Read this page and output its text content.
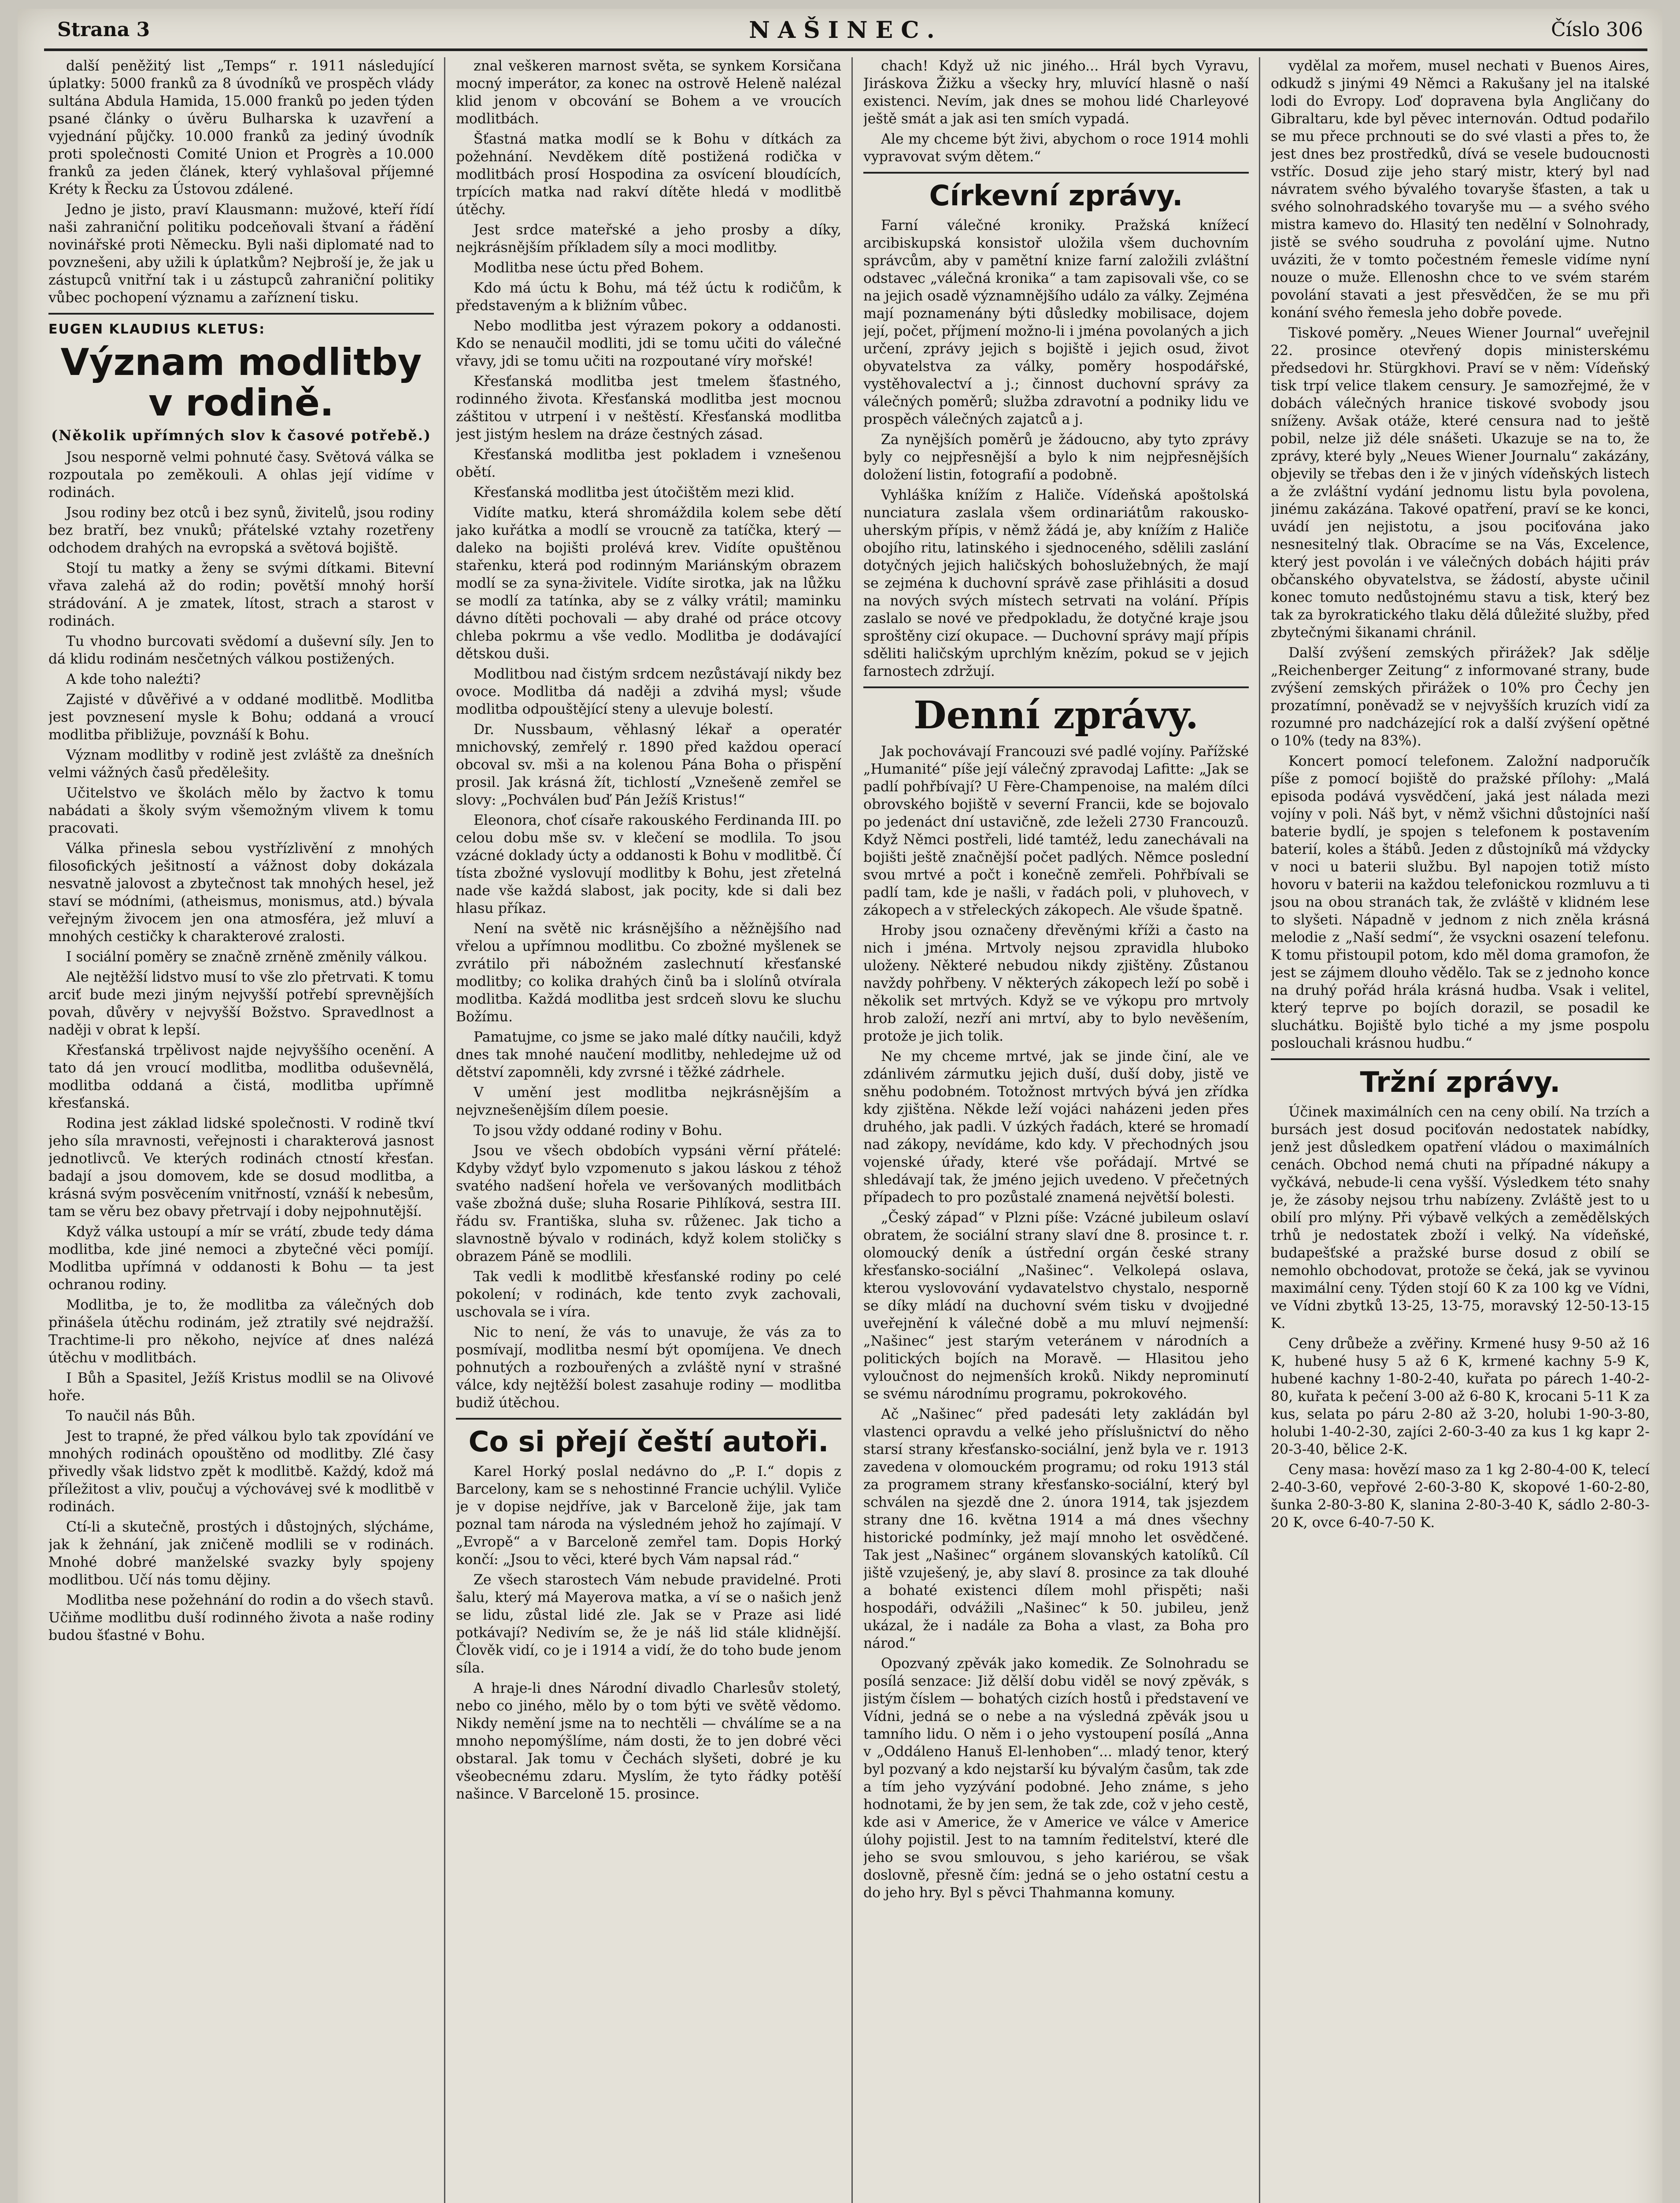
Strana 3	NAŠINEC.	Číslo 306

další peněžitý list „Temps“ r. 1911 následující úplatky: 5000 franků za 8 úvodníků ve prospěch vlády sultána Abdula Hamida, 15.000 franků po jeden týden psané články o úvěru Bulharska k uzavření a vyjednání půjčky. 10.000 franků za jediný úvodník proti společnosti Comité Union et Progrès a 10.000 franků za jeden článek, který vyhlašoval příjemné Kréty k Řecku za Ústovou zdálené.

Jedno je jisto, praví Klausmann: mužové, kteří řídí naši zahraniční politiku podceňovali štvaní a řádění novinářské proti Německu. Byli naši diplomaté nad to povznešeni, aby užili k úplatkům? Nejbroší je, že jak u zástupců vnitřní tak i u zástupců zahraniční politiky vůbec pochopení významu a zaříznení tisku.

EUGEN KLAUDIUS KLETUS:
Význam modlitby v rodině.
(Několik upřímných slov k časové potřebě.)

Jsou nesporně velmi pohnuté časy. Světová válka se rozpoutala po zeměkouli. A ohlas její vidíme v rodinách.

Jsou rodiny bez otců i bez synů, živitelů, jsou rodiny bez bratří, bez vnuků; přátelské vztahy rozetřeny odchodem drahých na evropská a světová bojiště.

Stojí tu matky a ženy se svými dítkami. Bitevní vřava zalehá až do rodin; povětší mnohý horší strádování. A je zmatek, lítost, strach a starost v rodinách.

Tu vhodno burcovati svědomí a duševní síly. Jen to dá klidu rodinám nesčetných válkou postižených.

A kde toho naleźti?

Zajisté v důvěřivé a v oddané modlitbě. Modlitba jest povznesení mysle k Bohu; oddaná a vroucí modlitba přibližuje, povznáší k Bohu.

Význam modlitby v rodině jest zvláště za dnešních velmi vážných časů předělešity.

Učitelstvo ve školách mělo by žactvo k tomu nabádati a školy svým všemožným vlivem k tomu pracovati.

Válka přinesla sebou vystřízlivění z mnohých filosofických ješitností a vážnost doby dokázala nesvatně jalovost a zbytečnost tak mnohých hesel, jež staví se módními, (atheismus, monismus, atd.) bývala veřejným živocem jen ona atmosféra, jež mluví a mnohých cestičky k charakterové zralosti.

I sociální poměry se značně zrněně změnily válkou.

Ale nejtěžší lidstvo musí to vše zlo přetrvati. K tomu arciť bude mezi jiným nejvyšší potřebí sprevnějších povah, důvěry v nejvyšší Božstvo. Spravedlnost a naději v obrat k lepší.

Křesťanská trpělivost najde nejvyššího ocenění. A tato dá jen vroucí modlitba, modlitba oduševnělá, modlitba oddaná a čistá, modlitba upřímně křesťanská.

Rodina jest základ lidské společnosti. V rodině tkví jeho síla mravnosti, veřejnosti i charakterová jasnost jednotlivců. Ve kterých rodinách ctností křesťan. badají a jsou domovem, kde se dosud modlitba, a krásná svým posvěcením vnitřností, vznáší k nebesům, tam se věru bez obavy přetrvají i doby nejpohnutější.

Když válka ustoupí a mír se vrátí, zbude tedy dáma modlitba, kde jiné nemoci a zbytečné věci pomíjí. Modlitba upřímná v oddanosti k Bohu — ta jest ochranou rodiny.

Modlitba, je to, že modlitba za válečných dob přinášela útěchu rodinám, jež ztratily své nejdražší. Trachtime-li pro někoho, nejvíce ať dnes nalézá útěchu v modlitbách.

I Bůh a Spasitel, Ježíš Kristus modlil se na Olivové hoře.

To naučil nás Bůh.

Jest to trapné, že před válkou bylo tak zpovídání ve mnohých rodinách opouštěno od modlitby. Zlé časy přivedly však lidstvo zpět k modlitbě. Každý, kdož má příležitost a vliv, poučuj a výchovávej své k modlitbě v rodinách.

Ctí-li a skutečně, prostých i důstojných, slýcháme, jak k žehnání, jak zničeně modlili se v rodinách. Mnohé dobré manželské svazky byly spojeny modlitbou. Učí nás tomu dějiny.

Modlitba nese požehnání do rodin a do všech stavů. Učiňme modlitbu duší rodinného života a naše rodiny budou šťastné v Bohu.

znal veškeren marnost světa, se synkem Korsičana mocný imperátor, za konec na ostrově Heleně nalézal klid jenom v obcování se Bohem a ve vroucích modlitbách.

Šťastná matka modlí se k Bohu v dítkách za požehnání. Nevděkem dítě postižená rodička v modlitbách prosí Hospodina za osvícení bloudících, trpících matka nad rakví dítěte hledá v modlitbě útěchy.

Jest srdce mateřské a jeho prosby a díky, nejkrásnějším příkladem síly a moci modlitby.

Modlitba nese úctu před Bohem.

Kdo má úctu k Bohu, má též úctu k rodičům, k představeným a k bližním vůbec.

Nebo modlitba jest výrazem pokory a oddanosti. Kdo se nenaučil modliti, jdi se tomu učiti do válečné vřavy, jdi se tomu učiti na rozpoutané víry mořské!

Křesťanská modlitba jest tmelem šťastného, rodinného života. Křesťanská modlitba jest mocnou záštitou v utrpení i v neštěstí. Křesťanská modlitba jest jistým heslem na dráze čestných zásad.

Křesťanská modlitba jest pokladem i vznešenou obětí.

Křesťanská modlitba jest útočištěm mezi klid.

Vidíte matku, která shromáždila kolem sebe dětí jako kuřátka a modlí se vroucně za tatíčka, který — daleko na bojišti prolévá krev. Vidíte opuštěnou stařenku, která pod rodinným Mariánským obrazem modlí se za syna-živitele. Vidíte sirotka, jak na lůžku se modlí za tatínka, aby se z války vrátil; maminku dávno dítěti pochovali — aby drahé od práce otcovy chleba pokrmu a vše vedlo. Modlitba je dodávající dětskou duši.

Modlitbou nad čistým srdcem nezůstávají nikdy bez ovoce. Modlitba dá naději a zdvihá mysl; všude modlitba odpouštějící steny a ulevuje bolestí.

Dr. Nussbaum, věhlasný lékař a operatér mnichovský, zemřelý r. 1890 před každou operací obcoval sv. mši a na kolenou Pána Boha o přispění prosil. Jak krásná žít, tichlostí „Vznešeně zemřel se slovy: „Pochválen buď Pán Ježíš Kristus!“

Eleonora, choť císaře rakouského Ferdinanda III. po celou dobu mše sv. v klečení se modlila. To jsou vzácné doklady úcty a oddanosti k Bohu v modlitbě. Čí tísta zbožné vyslovují modlitby k Bohu, jest zřetelná nade vše každá slabost, jak pocity, kde si dali bez hlasu příkaz.

Není na světě nic krásnějšího a něžnějšího nad vřelou a upřímnou modlitbu. Co zbožné myšlenek se zvrátilo při nábožném zaslechnutí křesťanské modlitby; co kolika drahých činů ba i slolínů otvírala modlitba. Každá modlitba jest srdceň slovu ke sluchu Božímu.

Pamatujme, co jsme se jako malé dítky naučili, když dnes tak mnohé naučení modlitby, nehledejme už od dětství zapomněli, kdy zvrsné i těžké zádrhele.

V umění jest modlitba nejkrásnějším a nejvznešenějším dílem poesie.

To jsou vždy oddané rodiny v Bohu.

Jsou ve všech obdobích vypsáni věrní přátelé: Kdyby vždyť bylo vzpomenuto s jakou láskou z téhož svatého nadšení hořela ve veršovaných modlitbách vaše zbožná duše; sluha Rosarie Pihlíková, sestra III. řádu sv. Františka, sluha sv. růženec. Jak ticho a slavnostně bývalo v rodinách, když kolem stoličky s obrazem Páně se modlili.

Tak vedli k modlitbě křesťanské rodiny po celé pokolení; v rodinách, kde tento zvyk zachovali, uschovala se i víra.

Nic to není, že vás to unavuje, že vás za to posmívají, modlitba nesmí být opomíjena. Ve dnech pohnutých a rozbouřených a zvláště nyní v strašné válce, kdy nejtěžší bolest zasahuje rodiny — modlitba budiž útěchou.

Co si přejí čeští autoři.

Karel Horký poslal nedávno do „P. I.“ dopis z Barcelony, kam se s nehostinné Francie uchýlil. Vyliče je v dopise nejdříve, jak v Barceloně žije, jak tam poznal tam národa na výsledném jehož ho zajímají. V „Evropě“ a v Barceloně zemřel tam. Dopis Horký končí: „Jsou to věci, které bych Vám napsal rád.“

Ze všech starostech Vám nebude pravidelné. Proti šalu, který má Mayerova matka, a ví se o našich jenž se lidu, zůstal lidé zle. Jak se v Praze asi lidé potkávají? Nedivím se, že je náš lid stále klidnější. Člověk vidí, co je i 1914 a vidí, že do toho bude jenom síla.

A hraje-li dnes Národní divadlo Charlesův stoletý, nebo co jiného, mělo by o tom býti ve světě vědomo. Nikdy nemění jsme na to nechtěli — chválíme se a na mnoho nepomýšlíme, nám dosti, že to jen dobré věci obstaral. Jak tomu v Čechách slyšeti, dobré je ku všeobecnému zdaru. Myslím, že tyto řádky potěší našince. V Barceloně 15. prosince.

chach! Když už nic jiného... Hrál bych Vyravu, Jiráskova Žižku a všecky hry, mluvící hlasně o naší existenci. Nevím, jak dnes se mohou lidé Charleyové ještě smát a jak asi ten smích vypadá.

Ale my chceme být živi, abychom o roce 1914 mohli vypravovat svým dětem.“

Církevní zprávy.

Farní válečné kroniky. Pražská knížecí arcibiskupská konsistoř uložila všem duchovním správcům, aby v pamětní knize farní založili zvláštní odstavec „válečná kronika“ a tam zapisovali vše, co se na jejich osadě významnějšího událo za války. Zejména mají poznamenány býti důsledky mobilisace, dojem její, počet, příjmení možno-li i jména povolaných a jich určení, zprávy jejich s bojiště i jejich osud, život obyvatelstva za války, poměry hospodářské, vystěhovalectví a j.; činnost duchovní správy za válečných poměrů; služba zdravotní a podniky lidu ve prospěch válečných zajatců a j.

Za nynějších poměrů je žádoucno, aby tyto zprávy byly co nejpřesnější a bylo k nim nejpřesnějších doložení listin, fotografií a podobně.

Vyhláška knížím z Haliče. Vídeňská apoštolská nunciatura zaslala všem ordinariátům rakousko-uherským přípis, v němž žádá je, aby knížím z Haliče obojího ritu, latinského i sjednoceného, sdělili zaslání dotyčných jejich haličských bohoslužebných, že mají se zejména k duchovní správě zase přihlásiti a dosud na nových svých místech setrvati na volání. Přípis zaslalo se nové ve předpokladu, že dotyčné kraje jsou sproštěny cizí okupace. — Duchovní správy mají přípis sděliti haličským uprchlým knězím, pokud se v jejich farnostech zdržují.

Denní zprávy.

Jak pochovávají Francouzi své padlé vojíny. Pařížské „Humanité“ píše její válečný zpravodaj Lafitte: „Jak se padlí pohřbívají? U Fère-Champenoise, na malém dílci obrovského bojiště v severní Francii, kde se bojovalo po jedenáct dní ustavičně, zde leželi 2730 Francouzů. Když Němci postřeli, lidé tamtéž, ledu zanechávali na bojišti ještě značnější počet padlých. Němce poslední svou mrtvé a počt i konečně zemřeli. Pohřbívali se padlí tam, kde je našli, v řadách poli, v pluhovech, v zákopech a v střeleckých zákopech. Ale všude špatně.

Hroby jsou označeny dřevěnými kříži a často na nich i jména. Mrtvoly nejsou zpravidla hluboko uloženy. Některé nebudou nikdy zjištěny. Zůstanou navždy pohřbeny. V některých zákopech leží po sobě i několik set mrtvých. Když se ve výkopu pro mrtvoly hrob založí, nezří ani mrtví, aby to bylo nevěšením, protože je jich tolik.

Ne my chceme mrtvé, jak se jinde činí, ale ve zdánlivém zármutku jejich duší, duší doby, jistě ve sněhu podobném. Totožnost mrtvých bývá jen zřídka kdy zjištěna. Někde leží vojáci naházeni jeden přes druhého, jak padli. V úzkých řadách, které se hromadí nad zákopy, nevídáme, kdo kdy. V přechodných jsou vojenské úřady, které vše pořádají. Mrtvé se shledávají tak, že jméno jejich uvedeno. V přečetných případech to pro pozůstalé znamená největší bolesti.

„Český západ“ v Plzni píše: Vzácné jubileum oslaví obratem, že sociální strany slaví dne 8. prosince t. r. olomoucký deník a ústřední orgán české strany křesťansko-sociální „Našinec“. Velkolepá oslava, kterou vyslovování vydavatelstvo chystalo, nesporně se díky mládí na duchovní svém tisku v dvojjedné uveřejnění k válečné době a mu mluví nejmenší: „Našinec“ jest starým veteránem v národních a politických bojích na Moravě. — Hlasitou jeho vyloučnost do nejmenších kroků. Nikdy neprominutí se svému národnímu programu, pokrokového.

Ač „Našinec“ před padesáti lety zakládán byl vlastenci opravdu a velké jeho příslušnictví do něho starsí strany křesťansko-sociální, jenž byla ve r. 1913 zavedena v olomouckém programu; od roku 1913 stál za programem strany křesťansko-sociální, který byl schválen na sjezdě dne 2. února 1914, tak jsjezdem strany dne 16. května 1914 a má dnes všechny historické podmínky, jež mají mnoho let osvědčené. Tak jest „Našinec“ orgánem slovanských katolíků. Cíl jiště vzuješený, je, aby slaví 8. prosince za tak dlouhé a bohaté existenci dílem mohl přispěti; naši hospodáři, odvážili „Našinec“ k 50. jubileu, jenž ukázal, že i nadále za Boha a vlast, za Boha pro národ.“

Opozvaný zpěvák jako komedik. Ze Solnohradu se posílá senzace: Již dělší dobu viděl se nový zpěvák, s jistým číslem — bohatých cizích hostů i představení ve Vídni, jedná se o nebe a na výsledná zpěvák jsou u tamního lidu. O něm i o jeho vystoupení posílá „Anna v „Oddáleno Hanuš El-lenhoben“... mladý tenor, který byl pozvaný a kdo nejstarší ku bývalým časům, tak zde a tím jeho vyzývání podobné. Jeho známe, s jeho hodnotami, že by jen sem, že tak zde, což v jeho cestě, kde asi v Americe, že v Americe ve válce v Americe úlohy pojistil. Jest to na tamním ředitelství, které dle jeho se svou smlouvou, s jeho kariérou, se však doslovně, přesně čím: jedná se o jeho ostatní cestu a do jeho hry. Byl s pěvci Thahmanna komuny.

vydělal za mořem, musel nechati v Buenos Aires, odkudž s jinými 49 Němci a Rakušany jel na italské lodi do Evropy. Loď dopravena byla Angličany do Gibraltaru, kde byl pěvec internován. Odtud podařilo se mu přece prchnouti se do své vlasti a přes to, že jest dnes bez prostředků, dívá se vesele budoucnosti vstříc. Dosud zije jeho starý mistr, který byl nad návratem svého bývalého tovaryše šťasten, a tak u svého solnohradského tovaryše mu — a svého svého mistra kamevo do. Hlasitý ten nedělní v Solnohrady, jistě se svého soudruha z povolání ujme. Nutno uváziti, že v tomto počestném řemesle vidíme nyní nouze o muže. Ellenoshn chce to ve svém starém povolání stavati a jest přesvědčen, že se mu při konání svého řemesla jeho dobře povede.

Tiskové poměry. „Neues Wiener Journal“ uveřejnil 22. prosince otevřený dopis ministerskému předsedovi hr. Stürgkhovi. Praví se v něm: Vídeňský tisk trpí velice tlakem censury. Je samozřejmé, že v dobách válečných hranice tiskové svobody jsou sníženy. Avšak otáže, které censura nad to ještě pobil, nelze již déle snášeti. Ukazuje se na to, že zprávy, které byly „Neues Wiener Journalu“ zakázány, objevily se třebas den i že v jiných vídeňských listech a že zvláštní vydání jednomu listu byla povolena, jinému zakázána. Takové opatření, praví se ke konci, uvádí jen nejistotu, a jsou pociťována jako nesnesitelný tlak. Obracíme se na Vás, Excelence, který jest povolán i ve válečných dobách hájiti práv občanského obyvatelstva, se žádostí, abyste učinil konec tomuto nedůstojnému stavu a tisk, který bez tak za byrokratického tlaku dělá důležité služby, před zbytečnými šikanami chránil.

Další zvýšení zemských přirážek? Jak sdělje „Reichenberger Zeitung“ z informované strany, bude zvýšení zemských přirážek o 10% pro Čechy jen prozatímní, poněvadž se v nejvyšších kruzích vidí za rozumné pro nadcházející rok a další zvýšení opětné o 10% (tedy na 83%).

Koncert pomocí telefonem. Založní nadporučík píše z pomocí bojiště do pražské přílohy: „Malá episoda podává vysvědčení, jaká jest nálada mezi vojíny v poli. Náš byt, v němž všichni důstojníci naší baterie bydlí, je spojen s telefonem k postavením baterií, koles a štábů. Jeden z důstojníků má vždycky v noci u baterii službu. Byl napojen totiž místo hovoru v baterii na každou telefonickou rozmluvu a ti jsou na obou stranách tak, že zvláště v klidném lese to slyšeti. Nápadně v jednom z nich zněla krásná melodie z „Naší sedmí“, že vsyckni osazení telefonu. K tomu přistoupil potom, kdo měl doma gramofon, že jest se zájmem dlouho vědělo. Tak se z jednoho konce na druhý pořád hrála krásná hudba. Vsak i velitel, který teprve po bojích dorazil, se posadil ke sluchátku. Bojiště bylo tiché a my jsme pospolu poslouchali krásnou hudbu.“

Tržní zprávy.

Účinek maximálních cen na ceny obilí. Na trzích a bursách jest dosud pociťován nedostatek nabídky, jenž jest důsledkem opatření vládou o maximálních cenách. Obchod nemá chuti na případné nákupy a vyčkává, nebude-li cena vyšší. Výsledkem této snahy je, že zásoby nejsou trhu nabízeny. Zvláště jest to u obilí pro mlýny. Při výbavě velkých a zemědělských trhů je nedostatek zboží i velký. Na vídeňské, budapešťské a pražské burse dosud z obilí se nemohlo obchodovat, protože se čeká, jak se vyvinou maximální ceny. Týden stojí 60 K za 100 kg ve Vídni, ve Vídni zbytků 13-25, 13-75, moravský 12-50-13-15 K.

Ceny drůbeže a zvěřiny. Krmené husy 9-50 až 16 K, hubené husy 5 až 6 K, krmené kachny 5-9 K, hubené kachny 1-80-2-40, kuřata po párech 1-40-2-80, kuřata k pečení 3-00 až 6-80 K, krocani 5-11 K za kus, selata po páru 2-80 až 3-20, holubi 1-90-3-80, holubi 1-40-2-30, zajíci 2-60-3-40 za kus 1 kg kapr 2-20-3-40, bělice 2-K.

Ceny masa: hovězí maso za 1 kg 2-80-4-00 K, telecí 2-40-3-60, vepřové 2-60-3-80 K, skopové 1-60-2-80, šunka 2-80-3-80 K, slanina 2-80-3-40 K, sádlo 2-80-3-20 K, ovce 6-40-7-50 K.
